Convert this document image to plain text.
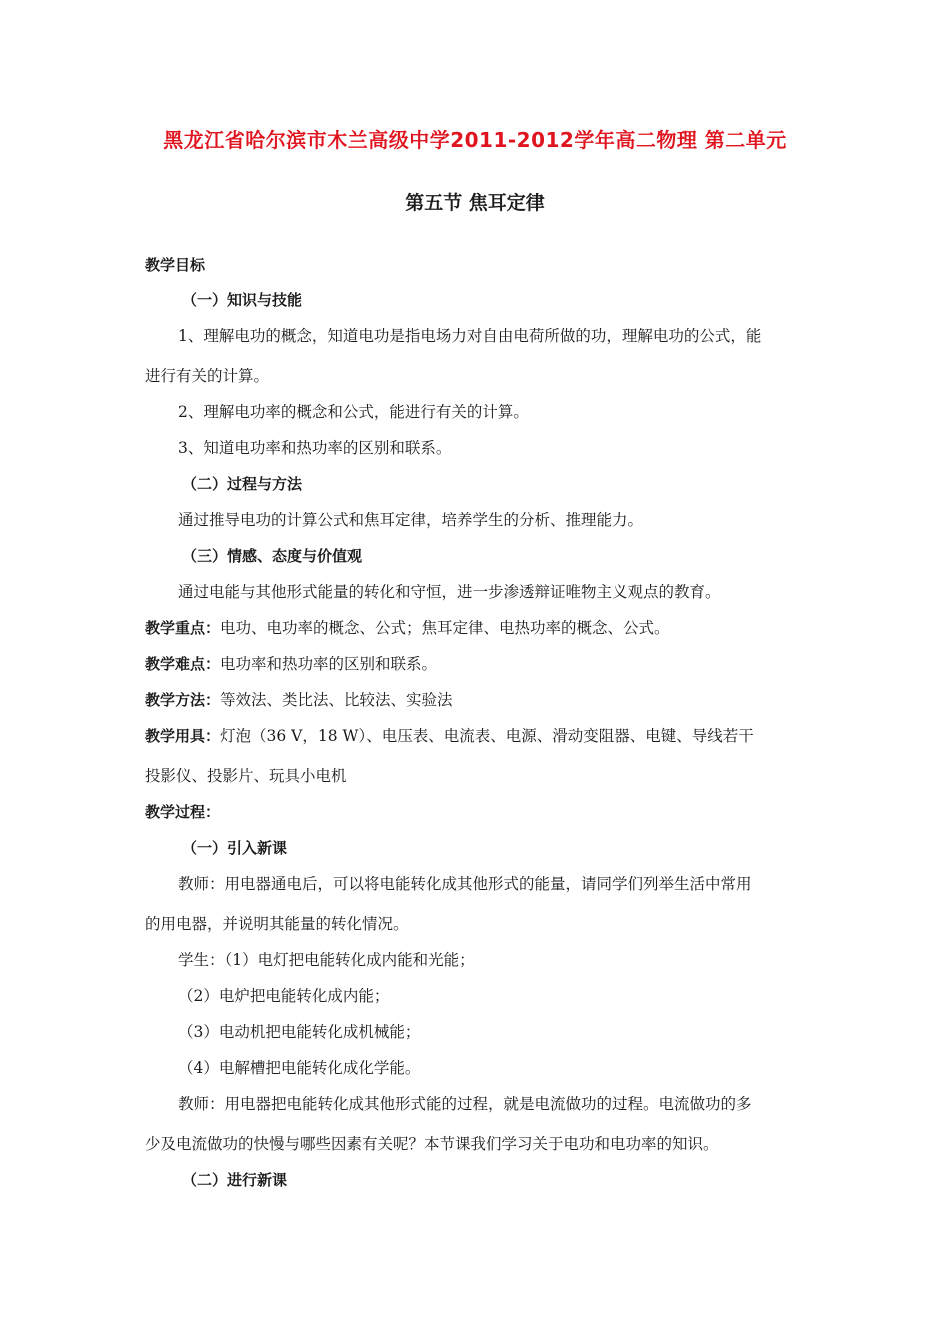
黑龙江省哈尔滨市木兰高级中学2011-2012学年高二物理 第二单元
第五节 焦耳定律
教学目标
（一）知识与技能
1、理解电功的概念，知道电功是指电场力对自由电荷所做的功，理解电功的公式，能
进行有关的计算。
2、理解电功率的概念和公式，能进行有关的计算。
3、知道电功率和热功率的区别和联系。
（二）过程与方法
通过推导电功的计算公式和焦耳定律，培养学生的分析、推理能力。
（三）情感、态度与价值观
通过电能与其他形式能量的转化和守恒，进一步渗透辩证唯物主义观点的教育。
教学重点：电功、电功率的概念、公式；焦耳定律、电热功率的概念、公式。
教学难点：电功率和热功率的区别和联系。
教学方法：等效法、类比法、比较法、实验法
教学用具：灯泡（36 V，18 W）、电压表、电流表、电源、滑动变阻器、电键、导线若干
投影仪、投影片、玩具小电机
教学过程：
（一）引入新课
教师：用电器通电后，可以将电能转化成其他形式的能量，请同学们列举生活中常用
的用电器，并说明其能量的转化情况。
学生：（1）电灯把电能转化成内能和光能；
（2）电炉把电能转化成内能；
（3）电动机把电能转化成机械能；
（4）电解槽把电能转化成化学能。
教师：用电器把电能转化成其他形式能的过程，就是电流做功的过程。电流做功的多
少及电流做功的快慢与哪些因素有关呢？本节课我们学习关于电功和电功率的知识。
（二）进行新课
